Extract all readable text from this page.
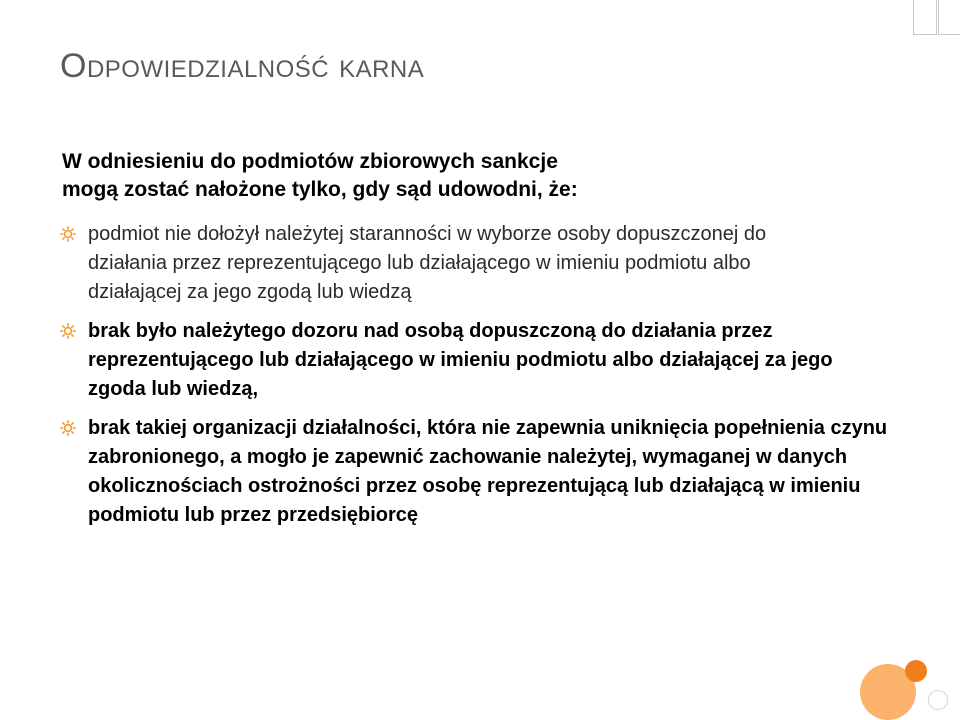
Odpowiedzialność karna

W odniesieniu do podmiotów zbiorowych sankcje mogą zostać nałożone tylko, gdy sąd udowodni, że:

podmiot nie dołożył należytej staranności w wyborze osoby dopuszczonej do działania przez reprezentującego lub działającego w imieniu podmiotu albo działającej za jego zgodą lub wiedzą
brak było należytego dozoru nad osobą dopuszczoną do działania przez reprezentującego lub działającego w imieniu podmiotu albo działającej za jego zgoda lub wiedzą,
brak takiej organizacji działalności, która nie zapewnia uniknięcia popełnienia czynu zabronionego, a mogło je zapewnić zachowanie należytej, wymaganej w danych okolicznościach ostrożności przez osobę reprezentującą lub działającą w imieniu podmiotu lub przez przedsiębiorcę
